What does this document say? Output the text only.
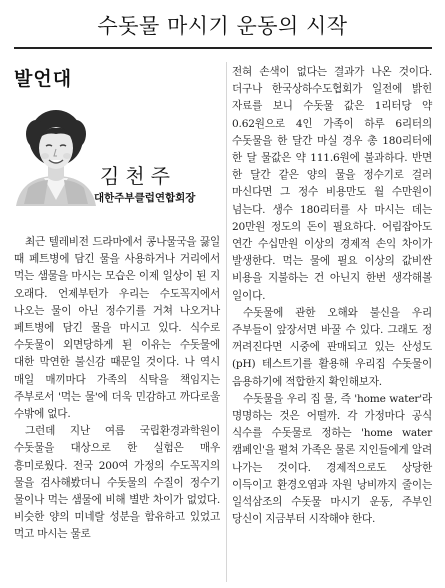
수돗물 마시기 운동의 시작
발언대
김천주
대한주부클럽연합회장

최근 텔레비전 드라마에서 콩나물국을 끓일 때 페트병에 담긴 물을 사용하거나 거리에서 먹는 샘물을 마시는 모습은 이제 일상이 된 지 오래다. 언제부턴가 우리는 수도꼭지에서 나오는 물이 아닌 정수기를 거쳐 나오거나 페트병에 담긴 물을 마시고 있다. 식수로 수돗물이 외면당하게 된 이유는 수돗물에 대한 막연한 불신감 때문일 것이다. 나 역시 매일 매끼마다 가족의 식탁을 책임지는 주부로서 '먹는 물'에 더욱 민감하고 까다로울 수밖에 없다.

그런데 지난 여름 국립환경과학원이 수돗물을 대상으로 한 실험은 매우 흥미로웠다. 전국 200여 가정의 수도꼭지의 물을 검사해봤더니 수돗물의 수질이 정수기 물이나 먹는 샘물에 비해 별반 차이가 없었다. 비슷한 양의 미네랄 성분을 함유하고 있었고 먹고 마시는 물로

전혀 손색이 없다는 결과가 나온 것이다. 더구나 한국상하수도협회가 일전에 밝힌 자료를 보니 수돗물 값은 1리터당 약 0.62원으로 4인 가족이 하루 6리터의 수돗물을 한 달간 마실 경우 총 180리터에 한 달 물값은 약 111.6원에 불과하다. 반면 한 달간 같은 양의 물을 정수기로 걸러 마신다면 그 정수 비용만도 월 수만원이 넘는다. 생수 180리터를 사 마시는 데는 20만원 정도의 돈이 필요하다. 어림잡아도 연간 수십만원 이상의 경제적 손익 차이가 발생한다. 먹는 물에 필요 이상의 값비싼 비용을 지불하는 건 아닌지 한번 생각해볼 일이다.

수돗물에 관한 오해와 불신을 우리 주부들이 앞장서면 바꿀 수 있다. 그래도 정 꺼려진다면 시중에 판매되고 있는 산성도(pH) 테스트기를 활용해 우리집 수돗물이 음용하기에 적합한지 확인해보자.

수돗물을 우리 집 물, 즉 'home water'라 명명하는 것은 어떨까. 각 가정마다 공식 식수를 수돗물로 정하는 'home water 캠페인'을 펼쳐 가족은 물론 지인들에게 알려 나가는 것이다. 경제적으로도 상당한 이득이고 환경오염과 자원 낭비까지 줄이는 일석삼조의 수돗물 마시기 운동, 주부인 당신이 지금부터 시작해야 한다.
